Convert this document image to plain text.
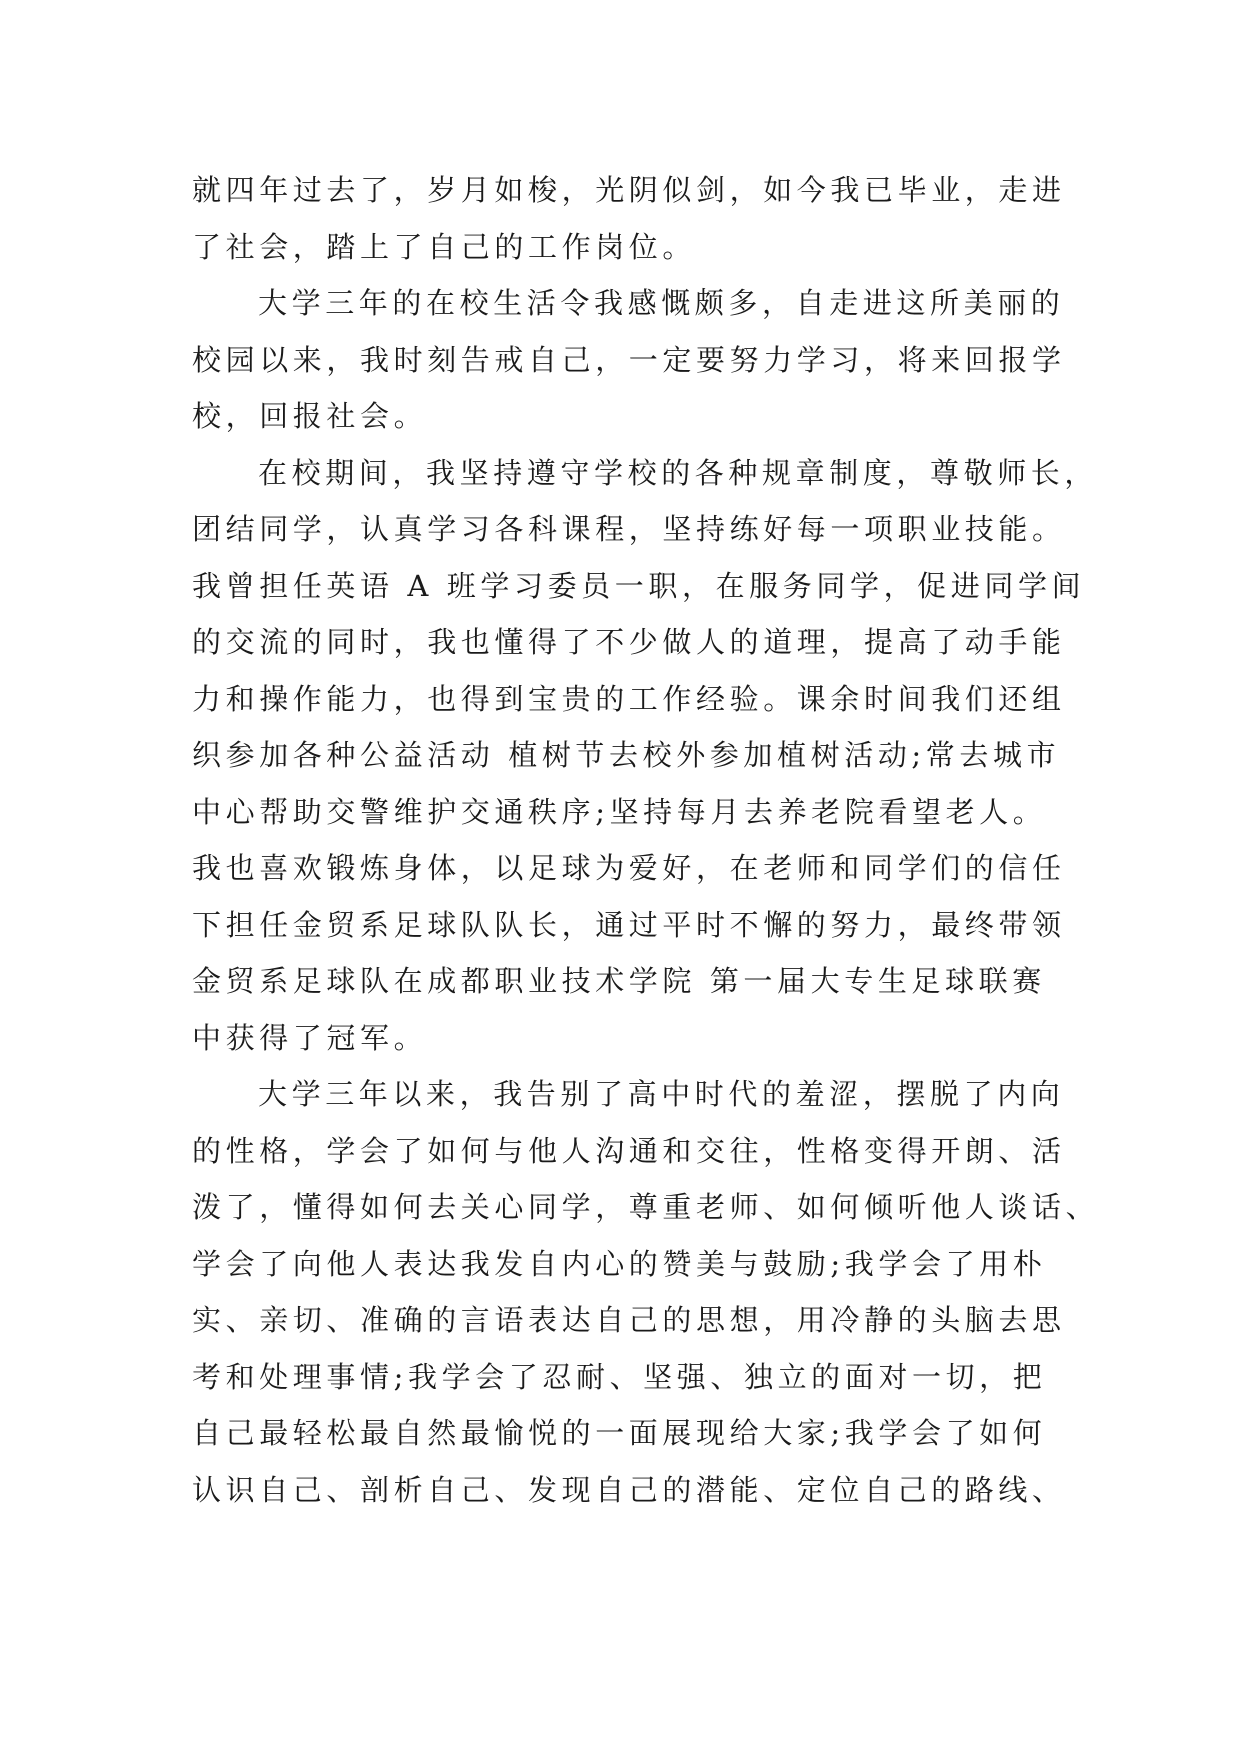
就四年过去了，岁月如梭，光阴似剑，如今我已毕业，走进
了社会，踏上了自己的工作岗位。
大学三年的在校生活令我感慨颇多，自走进这所美丽的
校园以来，我时刻告戒自己，一定要努力学习，将来回报学
校，回报社会。
在校期间，我坚持遵守学校的各种规章制度，尊敬师长，
团结同学，认真学习各科课程，坚持练好每一项职业技能。
我曾担任英语 A 班学习委员一职，在服务同学，促进同学间
的交流的同时，我也懂得了不少做人的道理，提高了动手能
力和操作能力，也得到宝贵的工作经验。课余时间我们还组
织参加各种公益活动 植树节去校外参加植树活动;常去城市
中心帮助交警维护交通秩序;坚持每月去养老院看望老人。
我也喜欢锻炼身体，以足球为爱好，在老师和同学们的信任
下担任金贸系足球队队长，通过平时不懈的努力，最终带领
金贸系足球队在成都职业技术学院 第一届大专生足球联赛
中获得了冠军。
大学三年以来，我告别了高中时代的羞涩，摆脱了内向
的性格，学会了如何与他人沟通和交往，性格变得开朗、活
泼了，懂得如何去关心同学，尊重老师、如何倾听他人谈话、
学会了向他人表达我发自内心的赞美与鼓励;我学会了用朴
实、亲切、准确的言语表达自己的思想，用冷静的头脑去思
考和处理事情;我学会了忍耐、坚强、独立的面对一切，把
自己最轻松最自然最愉悦的一面展现给大家;我学会了如何
认识自己、剖析自己、发现自己的潜能、定位自己的路线、
